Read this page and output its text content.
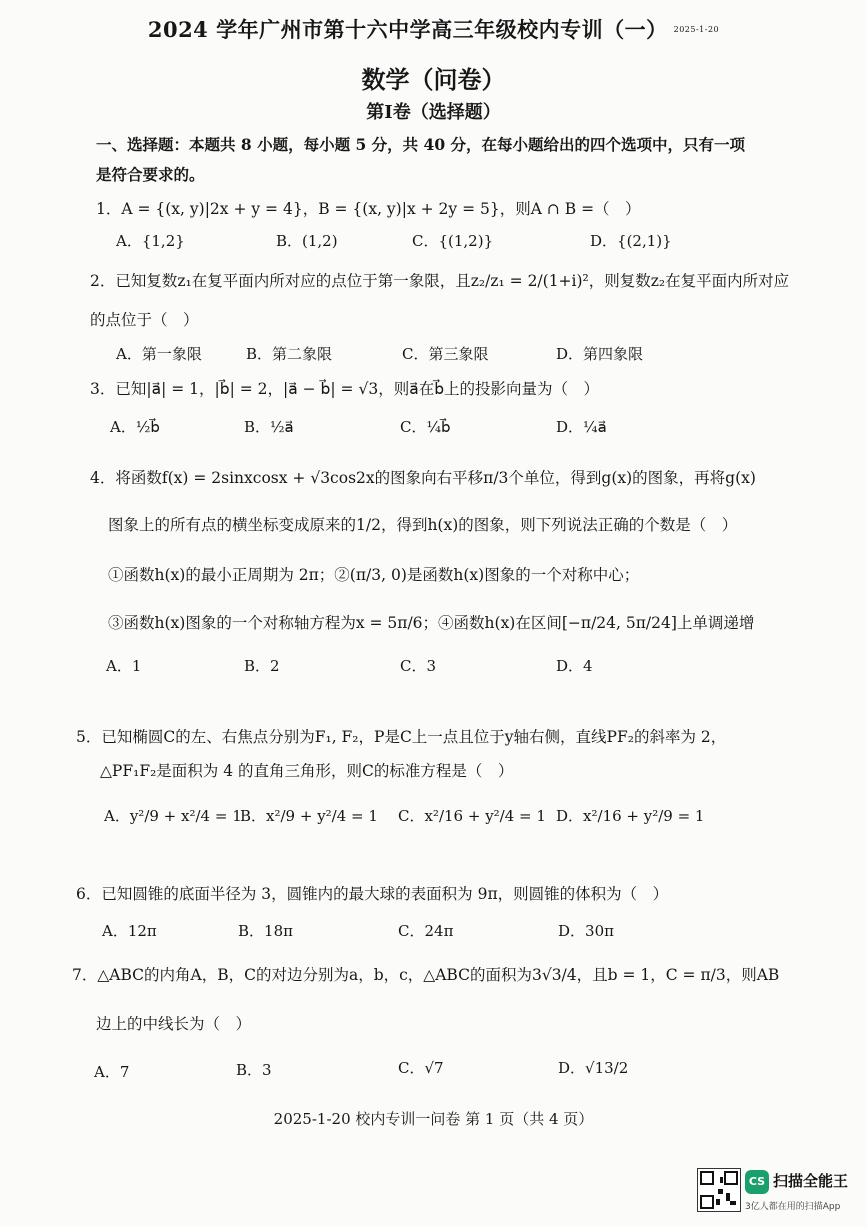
2024 学年广州市第十六中学高三年级校内专训（一） $^{2025-1-20}$
数学（问卷）
第Ⅰ卷（选择题）
一、选择题：本题共 8 小题，每小题 5 分，共 40 分，在每小题给出的四个选项中，只有一项
是符合要求的。
1．A = {(x, y)|2x + y = 4}，B = {(x, y)|x + 2y = 5}，则A ∩ B =（　）
A．{1,2}	B．(1,2)	C．{(1,2)}	D．{(2,1)}
2．已知复数z₁在复平面内所对应的点位于第一象限，且z₂/z₁ = 2/(1+i)²，则复数z₂在复平面内所对应
的点位于（　）
A．第一象限	B．第二象限	C．第三象限	D．第四象限
3．已知|a⃗| = 1，|b⃗| = 2，|a⃗ − b⃗| = √3，则a⃗在b⃗上的投影向量为（　）
A．½b⃗	B．½a⃗	C．¼b⃗	D．¼a⃗
4．将函数f(x) = 2sinxcosx + √3cos2x的图象向右平移π/3个单位，得到g(x)的图象，再将g(x)
图象上的所有点的横坐标变成原来的1/2，得到h(x)的图象，则下列说法正确的个数是（　）
①函数h(x)的最小正周期为 2π；②(π/3, 0)是函数h(x)图象的一个对称中心；
③函数h(x)图象的一个对称轴方程为x = 5π/6；④函数h(x)在区间[−π/24, 5π/24]上单调递增
A．1	B．2	C．3	D．4
5．已知椭圆C的左、右焦点分别为F₁, F₂，P是C上一点且位于y轴右侧，直线PF₂的斜率为 2，
△PF₁F₂是面积为 4 的直角三角形，则C的标准方程是（　）
A．y²/9 + x²/4 = 1
B．x²/9 + y²/4 = 1 C．x²/16 + y²/4 = 1 D．x²/16 + y²/9 = 1
6．已知圆锥的底面半径为 3，圆锥内的最大球的表面积为 9π，则圆锥的体积为（　）
A．12π	B．18π	C．24π	D．30π
7．△ABC的内角A，B，C的对边分别为a，b，c，△ABC的面积为3√3/4，且b = 1，C = π/3，则AB
边上的中线长为（　）
A．7	B．3	C．√7	D．√13/2
2025-1-20 校内专训一问卷 第 1 页（共 4 页）
CS 扫描全能王
3亿人都在用的扫描App
